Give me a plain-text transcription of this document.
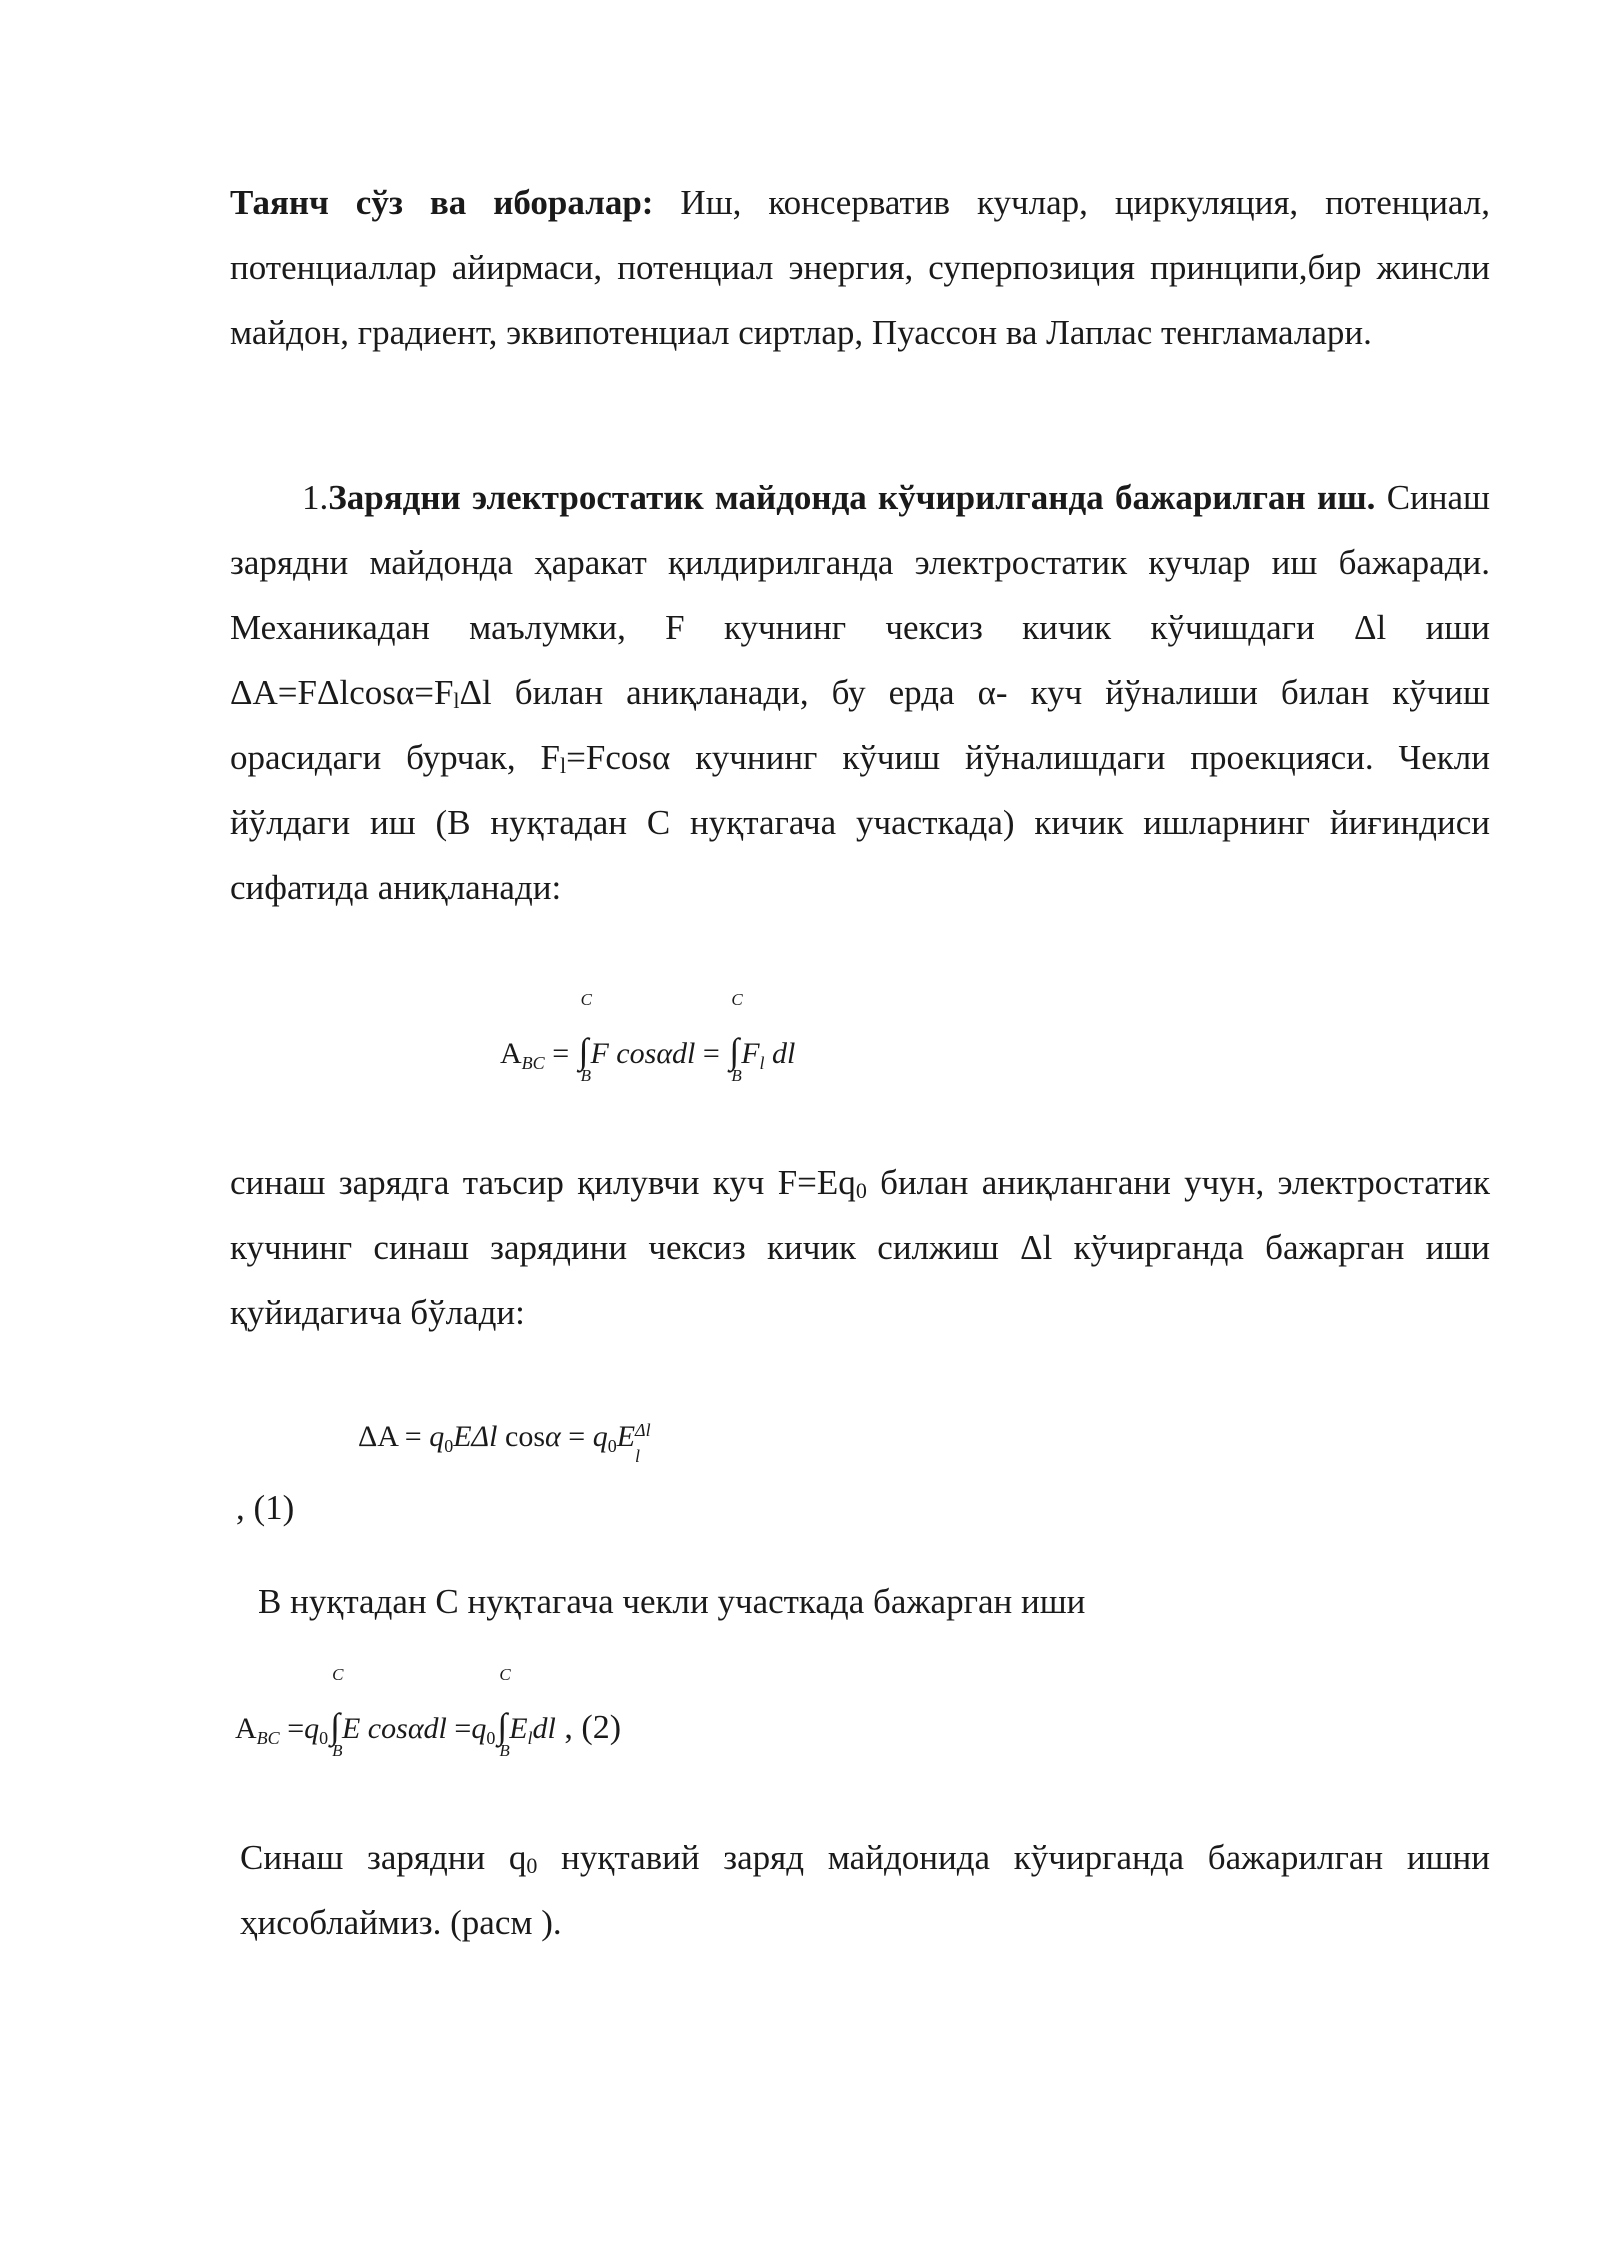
Таянч сўз ва иборалар: Иш, консерватив кучлар, циркуляция, потенциал, потенциаллар айирмаси, потенциал энергия, суперпозиция принципи,бир жинсли майдон, градиент, эквипотенциал сиртлар, Пуассон ва Лаплас тенгламалари.

1.Зарядни электростатик майдонда кўчирилганда бажарилган иш. Синаш зарядни майдонда ҳаракат қилдирилганда электростатик кучлар иш бажаради. Механикадан маълумки, F кучнинг чексиз кичик кўчишдаги Δl иши $\Delta A=F\Delta lcos\alpha=F_l\Delta l$ билан аниқланади, бу ерда α- куч йўналиши билан кўчиш орасидаги бурчак, $F_l=Fcos\alpha$ кучнинг кўчиш йўналишдаги проекцияси. Чекли йўлдаги иш (B нуқтадан C нуқтагача участкада) кичик ишларнинг йиғиндиси сифатида аниқланади:

$A_{BC}$ = ∫
C
B
F cosαdl = ∫
C
B
$F_l$ dl

синаш зарядга таъсир қилувчи куч $F=Eq_0$ билан аниқлангани учун, электростатик кучнинг синаш зарядини чексиз кичик силжиш Δl кўчирганда бажарган иши қуйидагича бўлади:

$\Delta A = q_0E\Delta l$ $\cos\alpha = q_0E$ Δl
l
, (1)
B нуқтадан C нуқтагача чекли участкада бажарган иши
$A_{BC} =q_0\int$
C
B
E $\cos\alpha dl =q_0\int$
C
B
$E_ldl$ , (2)

Синаш зарядни $q_0$ нуқтавий заряд майдонида кўчирганда бажарилган ишни ҳисоблаймиз. (расм ).
